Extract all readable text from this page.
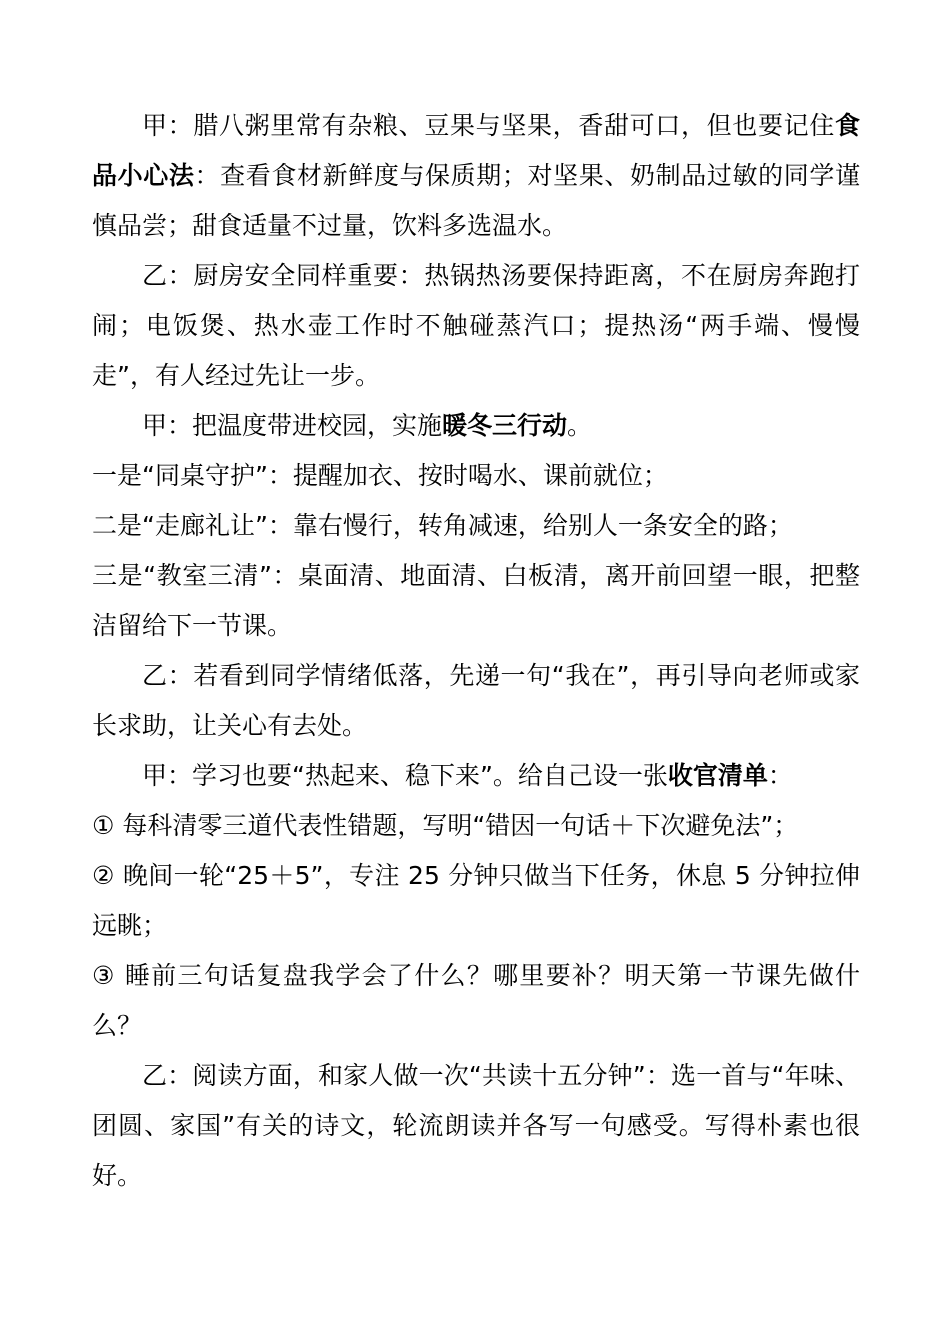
甲：腊八粥里常有杂粮、豆果与坚果，香甜可口，但也要记住食品小心法：查看食材新鲜度与保质期；对坚果、奶制品过敏的同学谨慎品尝；甜食适量不过量，饮料多选温水。

乙：厨房安全同样重要：热锅热汤要保持距离，不在厨房奔跑打闹；电饭煲、热水壶工作时不触碰蒸汽口；提热汤“两手端、慢慢走”，有人经过先让一步。

甲：把温度带进校园，实施暖冬三行动。

一是“同桌守护”：提醒加衣、按时喝水、课前就位；

二是“走廊礼让”：靠右慢行，转角减速，给别人一条安全的路；

三是“教室三清”：桌面清、地面清、白板清，离开前回望一眼，把整洁留给下一节课。

乙：若看到同学情绪低落，先递一句“我在”，再引导向老师或家长求助，让关心有去处。

甲：学习也要“热起来、稳下来”。给自己设一张收官清单：

① 每科清零三道代表性错题，写明“错因一句话＋下次避免法”；

② 晚间一轮“25＋5”，专注 25 分钟只做当下任务，休息 5 分钟拉伸远眺；

③ 睡前三句话复盘我学会了什么？哪里要补？明天第一节课先做什么？

乙：阅读方面，和家人做一次“共读十五分钟”：选一首与“年味、团圆、家国”有关的诗文，轮流朗读并各写一句感受。写得朴素也很好。
